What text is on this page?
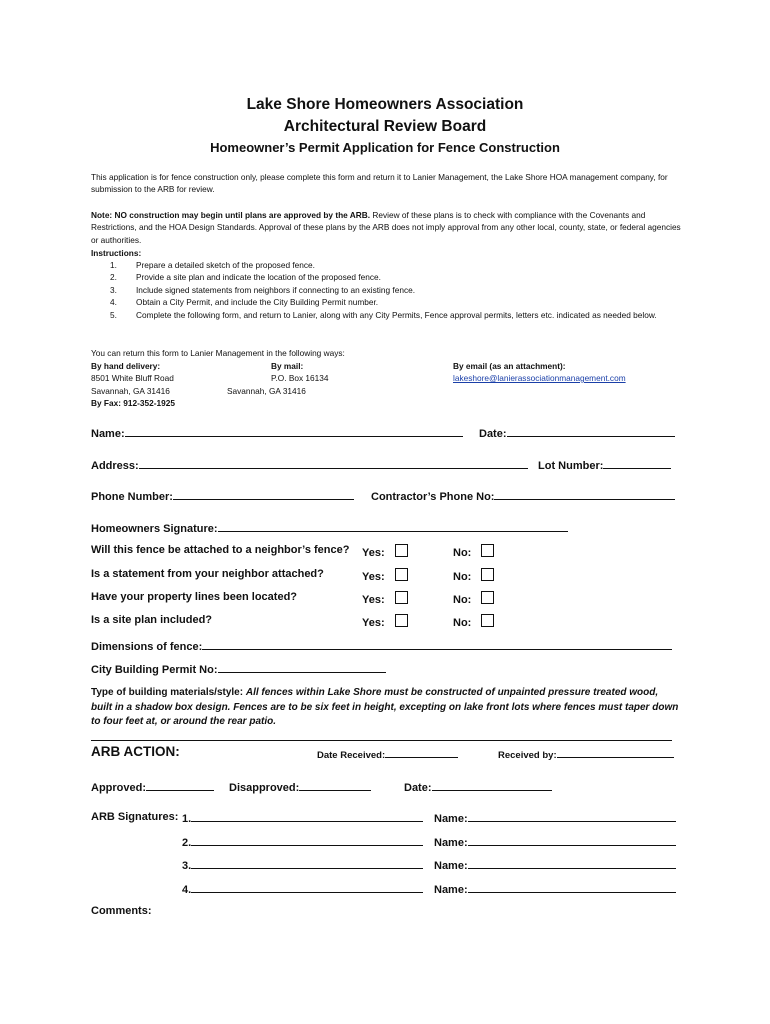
Lake Shore Homeowners Association
Architectural Review Board
Homeowner’s Permit Application for Fence Construction
This application is for fence construction only, please complete this form and return it to Lanier Management, the Lake Shore HOA management company, for submission to the ARB for review.
Note: NO construction may begin until plans are approved by the ARB. Review of these plans is to check with compliance with the Covenants and Restrictions, and the HOA Design Standards. Approval of these plans by the ARB does not imply approval from any other local, county, state, or federal agencies or authorities.
Instructions:
1. Prepare a detailed sketch of the proposed fence.
2. Provide a site plan and indicate the location of the proposed fence.
3. Include signed statements from neighbors if connecting to an existing fence.
4. Obtain a City Permit, and include the City Building Permit number.
5. Complete the following form, and return to Lanier, along with any City Permits, Fence approval permits, letters etc. indicated as needed below.
You can return this form to Lanier Management in the following ways:
By hand delivery:
8501 White Bluff Road
Savannah, GA 31416
By Fax: 912-352-1925
By mail:
P.O. Box 16134
Savannah, GA 31416
By email (as an attachment):
lakeshore@lanierassociationmanagement.com
Name:	Date:
Address:	Lot Number:
Phone Number:	Contractor’s Phone No:
Homeowners Signature:
Will this fence be attached to a neighbor’s fence? Yes:	No:
Is a statement from your neighbor attached?	Yes:	No:
Have your property lines been located?	Yes:	No:
Is a site plan included?	Yes:	No:
Dimensions of fence:
City Building Permit No:
Type of building materials/style: All fences within Lake Shore must be constructed of unpainted pressure treated wood, built in a shadow box design. Fences are to be six feet in height, excepting on lake front lots where fences must taper down to four feet at, or around the rear patio.
ARB ACTION:	Date Received:	Received by:
Approved:	Disapproved:	Date:
ARB Signatures: 1.	Name:
2.	Name:
3.	Name:
4.	Name:
Comments:
